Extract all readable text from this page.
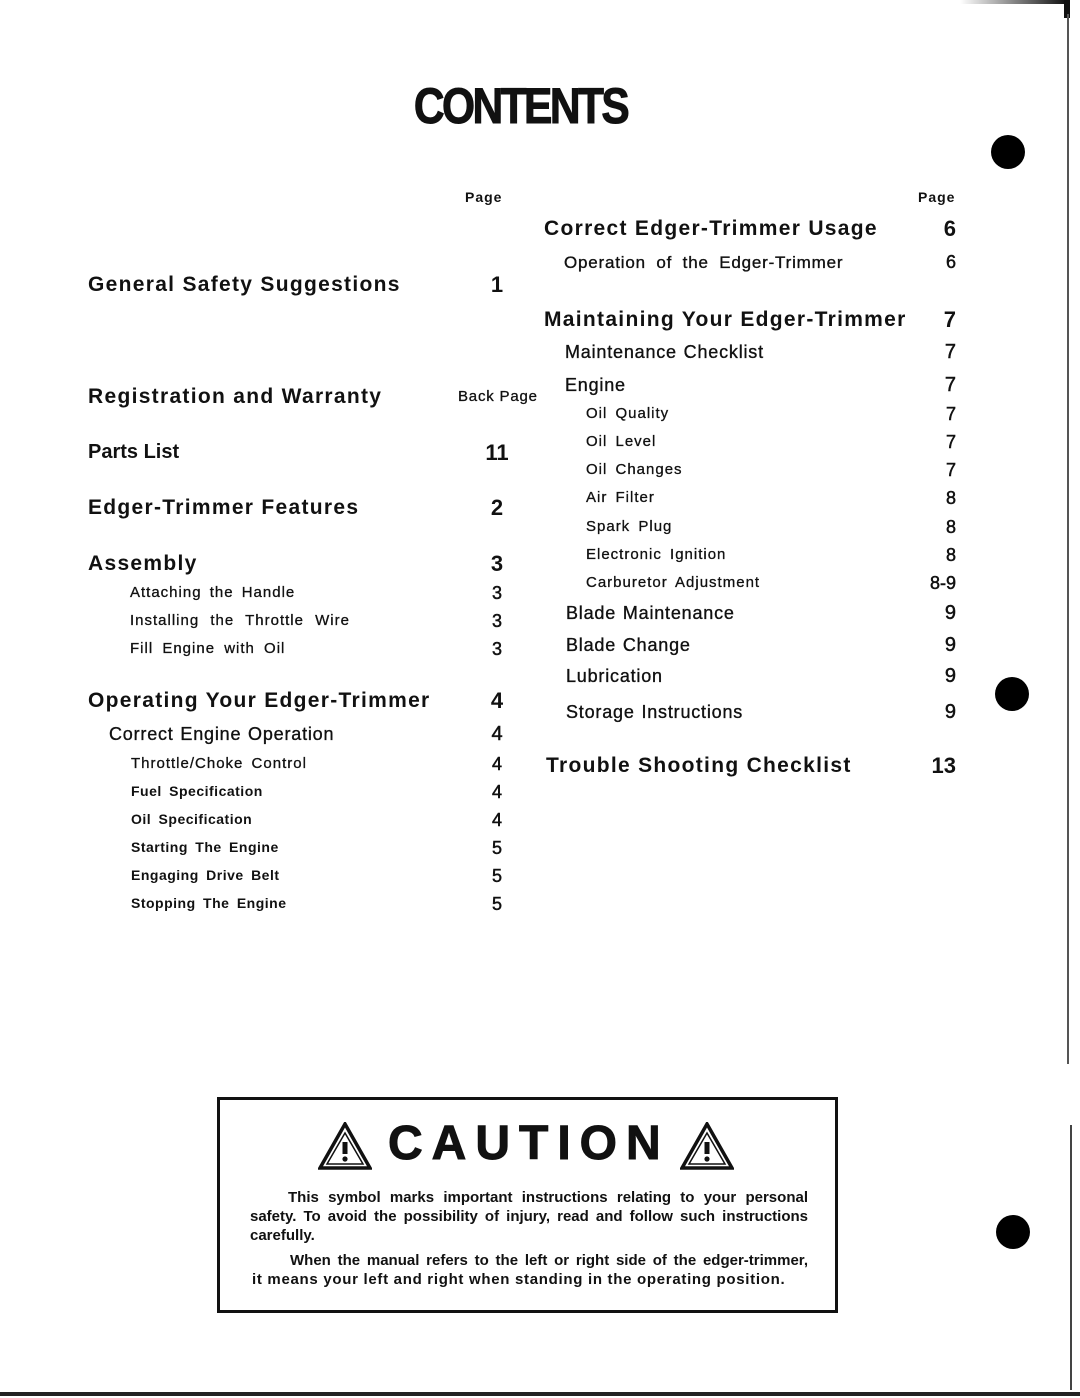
CONTENTS
Page	Page
General Safety Suggestions	1
Registration and Warranty	Back Page
Parts List	11
Edger-Trimmer Features	2
Assembly	3
Attaching the Handle	3
Installing the Throttle Wire	3
Fill Engine with Oil	3
Operating Your Edger-Trimmer	4
Correct Engine Operation	4
Throttle/Choke Control	4
Fuel Specification	4
Oil Specification	4
Starting The Engine	5
Engaging Drive Belt	5
Stopping The Engine	5
Correct Edger-Trimmer Usage	6
Operation of the Edger-Trimmer	6
Maintaining Your Edger-Trimmer	7
Maintenance Checklist	7
Engine	7
Oil Quality	7
Oil Level	7
Oil Changes	7
Air Filter	8
Spark Plug	8
Electronic Ignition	8
Carburetor Adjustment	8-9
Blade Maintenance	9
Blade Change	9
Lubrication	9
Storage Instructions	9
Trouble Shooting Checklist	13
CAUTION
This symbol marks important instructions relating to your personal
safety. To avoid the possibility of injury, read and follow such instructions
carefully.
When the manual refers to the left or right side of the edger-trimmer,
it means your left and right when standing in the operating position.
